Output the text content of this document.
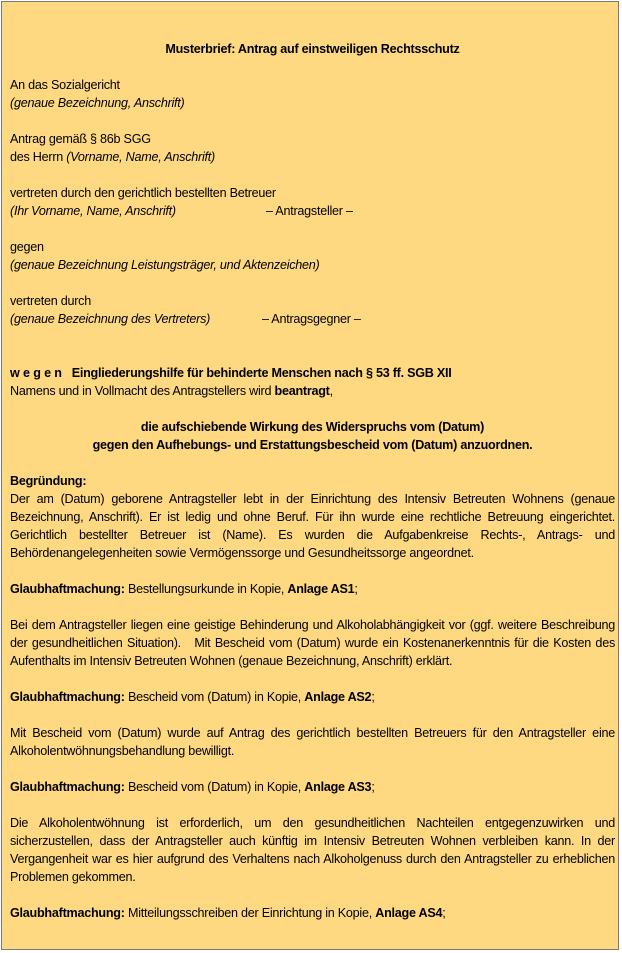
Musterbrief: Antrag auf einstweiligen Rechtsschutz

An das Sozialgericht

(genaue Bezeichnung, Anschrift)

Antrag gemäß § 86b SGG

des Herrn (Vorname, Name, Anschrift)

vertreten durch den gerichtlich bestellten Betreuer

(Ihr Vorname, Name, Anschrift)	– Antragsteller –

gegen

(genaue Bezeichnung Leistungsträger, und Aktenzeichen)

vertreten durch

(genaue Bezeichnung des Vertreters)	– Antragsgegner –

wegen Eingliederungshilfe für behinderte Menschen nach § 53 ff. SGB XII

Namens und in Vollmacht des Antragstellers wird beantragt,

die aufschiebende Wirkung des Widerspruchs vom (Datum)

gegen den Aufhebungs- und Erstattungsbescheid vom (Datum) anzuordnen.

Begründung:

Der am (Datum) geborene Antragsteller lebt in der Einrichtung des Intensiv Betreuten Wohnens (genaue Bezeichnung, Anschrift). Er ist ledig und ohne Beruf. Für ihn wurde eine rechtliche Betreuung eingerichtet. Gerichtlich bestellter Betreuer ist (Name). Es wurden die Aufgabenkreise Rechts-, Antrags- und Behördenangelegenheiten sowie Vermögenssorge und Gesundheitssorge angeordnet.

Glaubhaftmachung: Bestellungsurkunde in Kopie, Anlage AS1;

Bei dem Antragsteller liegen eine geistige Behinderung und Alkoholabhängigkeit vor (ggf. weitere Beschreibung der gesundheitlichen Situation).   Mit Bescheid vom (Datum) wurde ein Kostenanerkenntnis für die Kosten des Aufenthalts im Intensiv Betreuten Wohnen (genaue Bezeichnung, Anschrift) erklärt.

Glaubhaftmachung: Bescheid vom (Datum) in Kopie, Anlage AS2;

Mit Bescheid vom (Datum) wurde auf Antrag des gerichtlich bestellten Betreuers für den Antragsteller eine Alkoholentwöhnungsbehandlung bewilligt.

Glaubhaftmachung: Bescheid vom (Datum) in Kopie, Anlage AS3;

Die Alkoholentwöhnung ist erforderlich, um den gesundheitlichen Nachteilen entgegenzuwirken und sicherzustellen, dass der Antragsteller auch künftig im Intensiv Betreuten Wohnen verbleiben kann. In der Vergangenheit war es hier aufgrund des Verhaltens nach Alkoholgenuss durch den Antragsteller zu erheblichen Problemen gekommen.

Glaubhaftmachung: Mitteilungsschreiben der Einrichtung in Kopie, Anlage AS4;
